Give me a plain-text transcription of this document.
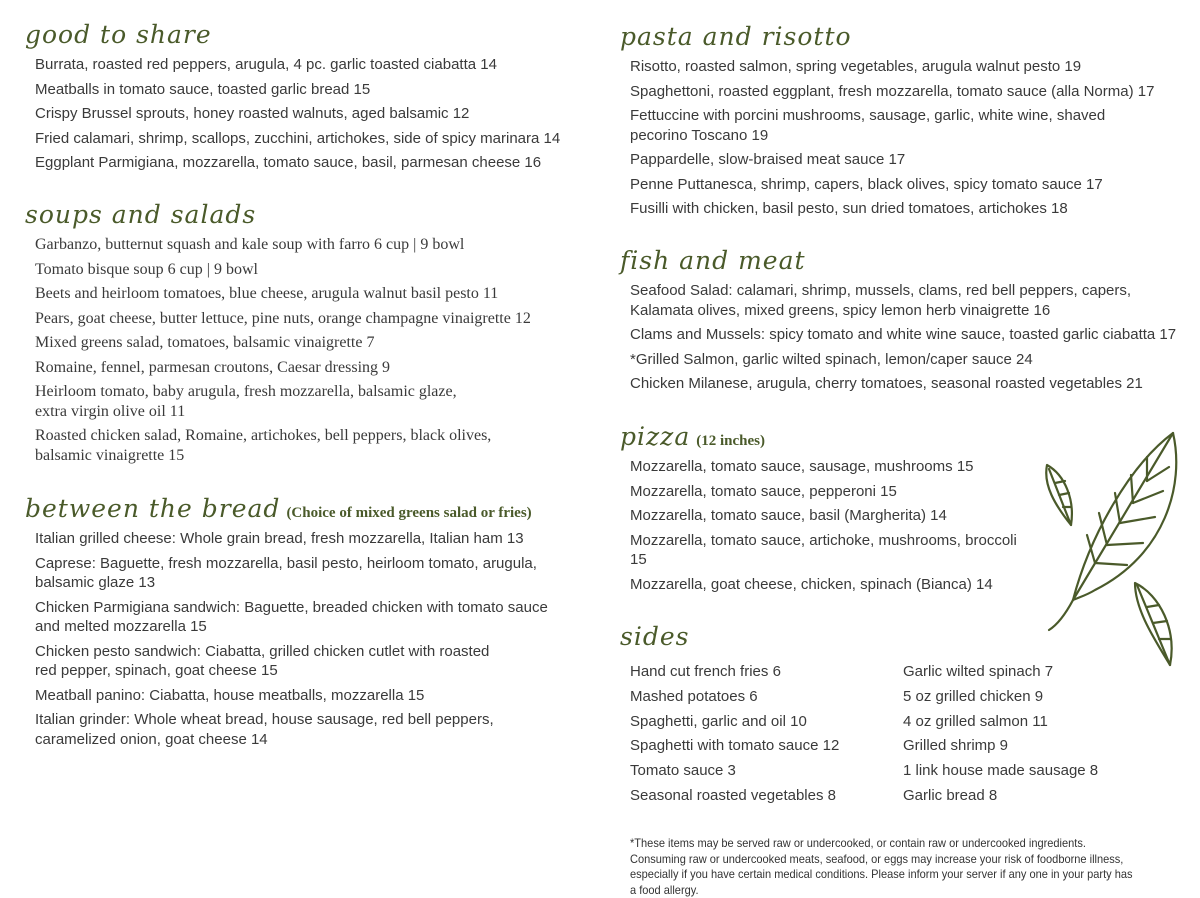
good to share
Burrata, roasted red peppers, arugula, 4 pc. garlic toasted ciabatta 14
Meatballs in tomato sauce, toasted garlic bread 15
Crispy Brussel sprouts, honey roasted walnuts, aged balsamic 12
Fried calamari, shrimp, scallops, zucchini, artichokes, side of spicy marinara 14
Eggplant Parmigiana, mozzarella, tomato sauce, basil, parmesan cheese 16
soups and salads
Garbanzo, butternut squash and kale soup with farro 6 cup | 9 bowl
Tomato bisque soup 6 cup | 9 bowl
Beets and heirloom tomatoes, blue cheese, arugula walnut basil pesto 11
Pears, goat cheese, butter lettuce, pine nuts, orange champagne vinaigrette 12
Mixed greens salad, tomatoes, balsamic vinaigrette 7
Romaine, fennel, parmesan croutons, Caesar dressing 9
Heirloom tomato, baby arugula, fresh mozzarella, balsamic glaze,
extra virgin olive oil 11
Roasted chicken salad, Romaine, artichokes, bell peppers, black olives,
balsamic vinaigrette 15
between the bread (Choice of mixed greens salad or fries)
Italian grilled cheese: Whole grain bread, fresh mozzarella, Italian ham 13
Caprese: Baguette, fresh mozzarella, basil pesto, heirloom tomato, arugula,
balsamic glaze 13
Chicken Parmigiana sandwich: Baguette, breaded chicken with tomato sauce
and melted mozzarella 15
Chicken pesto sandwich: Ciabatta, grilled chicken cutlet with roasted
red pepper, spinach, goat cheese 15
Meatball panino: Ciabatta, house meatballs, mozzarella 15
Italian grinder: Whole wheat bread, house sausage, red bell peppers,
caramelized onion, goat cheese 14
pasta and risotto
Risotto, roasted salmon, spring vegetables, arugula walnut pesto 19
Spaghettoni, roasted eggplant, fresh mozzarella, tomato sauce (alla Norma) 17
Fettuccine with porcini mushrooms, sausage, garlic, white wine, shaved
pecorino Toscano 19
Pappardelle, slow-braised meat sauce 17
Penne Puttanesca, shrimp, capers, black olives, spicy tomato sauce 17
Fusilli with chicken, basil pesto, sun dried tomatoes, artichokes 18
fish and meat
Seafood Salad: calamari, shrimp, mussels, clams, red bell peppers, capers,
Kalamata olives, mixed greens, spicy lemon herb vinaigrette 16
Clams and Mussels: spicy tomato and white wine sauce, toasted garlic ciabatta 17
*Grilled Salmon, garlic wilted spinach, lemon/caper sauce 24
Chicken Milanese, arugula, cherry tomatoes, seasonal roasted vegetables 21
pizza (12 inches)
Mozzarella, tomato sauce, sausage, mushrooms 15
Mozzarella, tomato sauce, pepperoni 15
Mozzarella, tomato sauce, basil (Margherita) 14
Mozzarella, tomato sauce, artichoke, mushrooms, broccoli 15
Mozzarella, goat cheese, chicken, spinach (Bianca) 14
sides
Hand cut french fries 6
Mashed potatoes 6
Spaghetti, garlic and oil 10
Spaghetti with tomato sauce 12
Tomato sauce 3
Seasonal roasted vegetables 8
Garlic wilted spinach 7
5 oz grilled chicken 9
4 oz grilled salmon 11
Grilled shrimp 9
1 link house made sausage 8
Garlic bread 8
*These items may be served raw or undercooked, or contain raw or undercooked ingredients. Consuming raw or undercooked meats, seafood, or eggs may increase your risk of foodborne illness, especially if you have certain medical conditions. Please inform your server if any one in your party has a food allergy.
